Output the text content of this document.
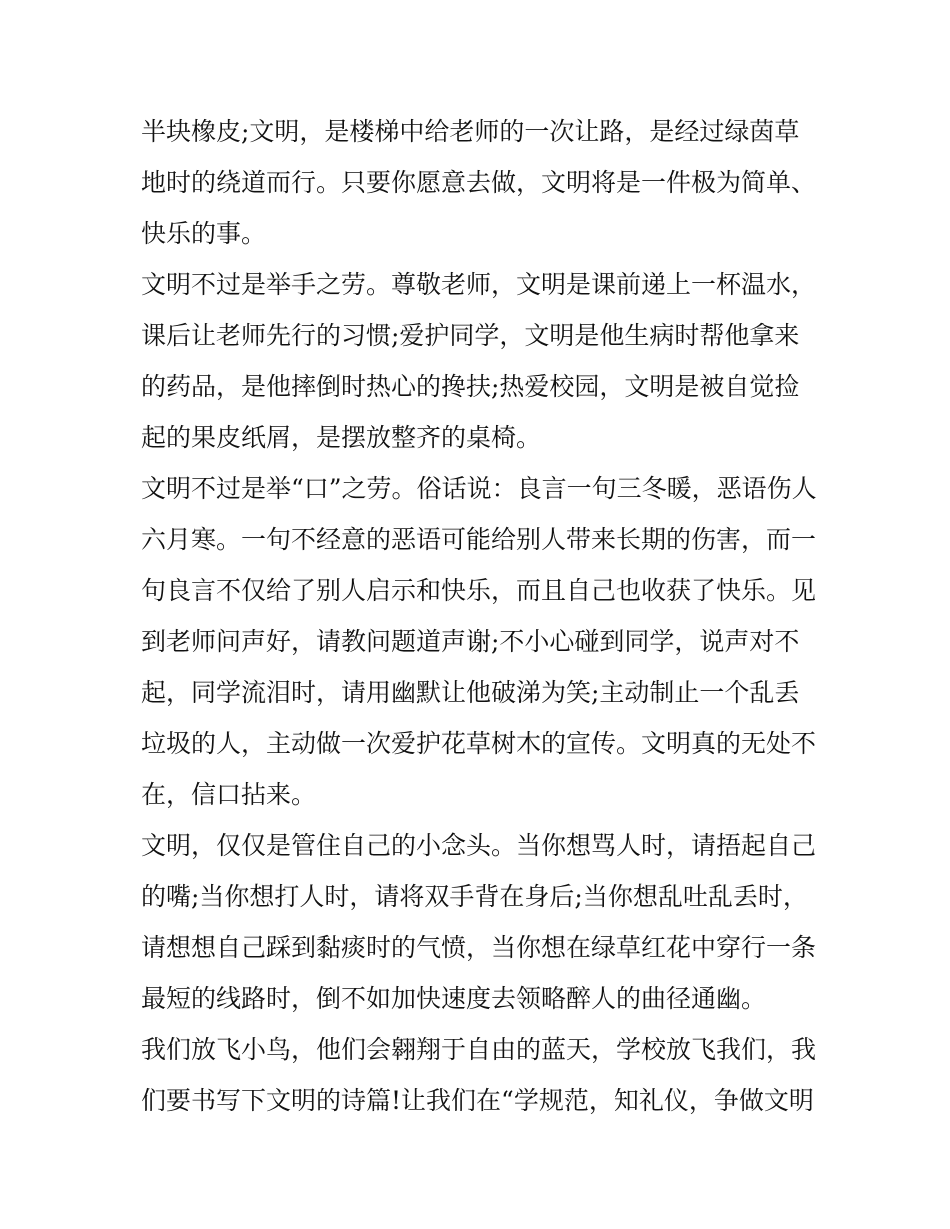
半块橡皮;文明，是楼梯中给老师的一次让路，是经过绿茵草
地时的绕道而行。只要你愿意去做，文明将是一件极为简单、
快乐的事。
文明不过是举手之劳。尊敬老师，文明是课前递上一杯温水，
课后让老师先行的习惯;爱护同学，文明是他生病时帮他拿来
的药品，是他摔倒时热心的搀扶;热爱校园，文明是被自觉捡
起的果皮纸屑，是摆放整齐的桌椅。
文明不过是举“口”之劳。俗话说：良言一句三冬暖，恶语伤人
六月寒。一句不经意的恶语可能给别人带来长期的伤害，而一
句良言不仅给了别人启示和快乐，而且自己也收获了快乐。见
到老师问声好，请教问题道声谢;不小心碰到同学，说声对不
起，同学流泪时，请用幽默让他破涕为笑;主动制止一个乱丢
垃圾的人，主动做一次爱护花草树木的宣传。文明真的无处不
在，信口拈来。
文明，仅仅是管住自己的小念头。当你想骂人时，请捂起自己
的嘴;当你想打人时，请将双手背在身后;当你想乱吐乱丢时，
请想想自己踩到黏痰时的气愤，当你想在绿草红花中穿行一条
最短的线路时，倒不如加快速度去领略醉人的曲径通幽。
我们放飞小鸟，他们会翱翔于自由的蓝天，学校放飞我们，我
们要书写下文明的诗篇!让我们在“学规范，知礼仪，争做文明
